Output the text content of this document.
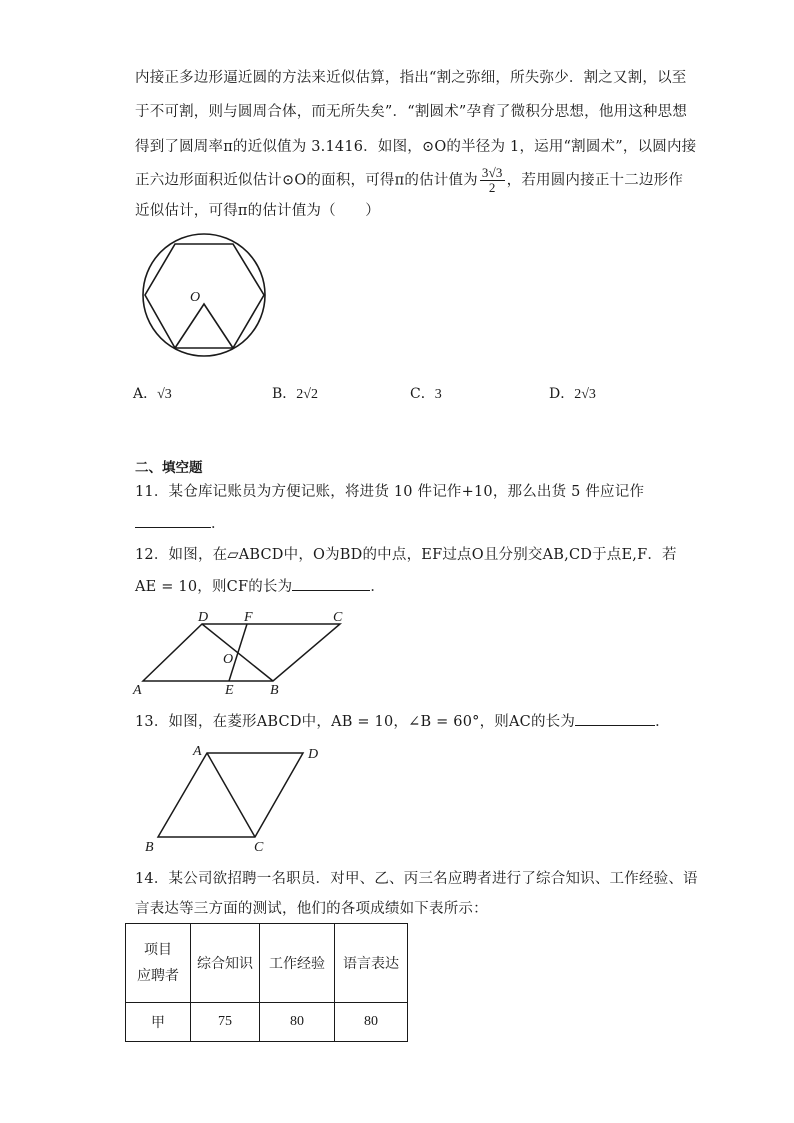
内接正多边形逼近圆的方法来近似估算，指出“割之弥细，所失弥少．割之又割，以至
于不可割，则与圆周合体，而无所失矣”．“割圆术”孕育了微积分思想，他用这种思想
得到了圆周率π的近似值为 3.1416．如图，⊙O的半径为 1，运用“割圆术”，以圆内接
正六边形面积近似估计⊙O的面积，可得π的估计值为 $\frac{3√3}{2}$ ，若用圆内接正十二边形作
近似估计，可得π的估计值为（　　）
O
A．√3	B．2√2	C．3	D．2√3
二、填空题
11．某仓库记账员为方便记账，将进货 10 件记作+10，那么出货 5 件应记作
．
12．如图，在▱ABCD中，O为BD的中点，EF过点O且分别交AB,CD于点E,F．若
AE = 10，则CF的长为	．
A	E	B
D	F	C
O
13．如图，在菱形ABCD中，AB = 10，∠B = 60°，则AC的长为	．
A	D
B	C
14．某公司欲招聘一名职员．对甲、乙、丙三名应聘者进行了综合知识、工作经验、语
言表达等三方面的测试，他们的各项成绩如下表所示：
项目
应聘者	综合知识	工作经验	语言表达
甲	75	80	80
